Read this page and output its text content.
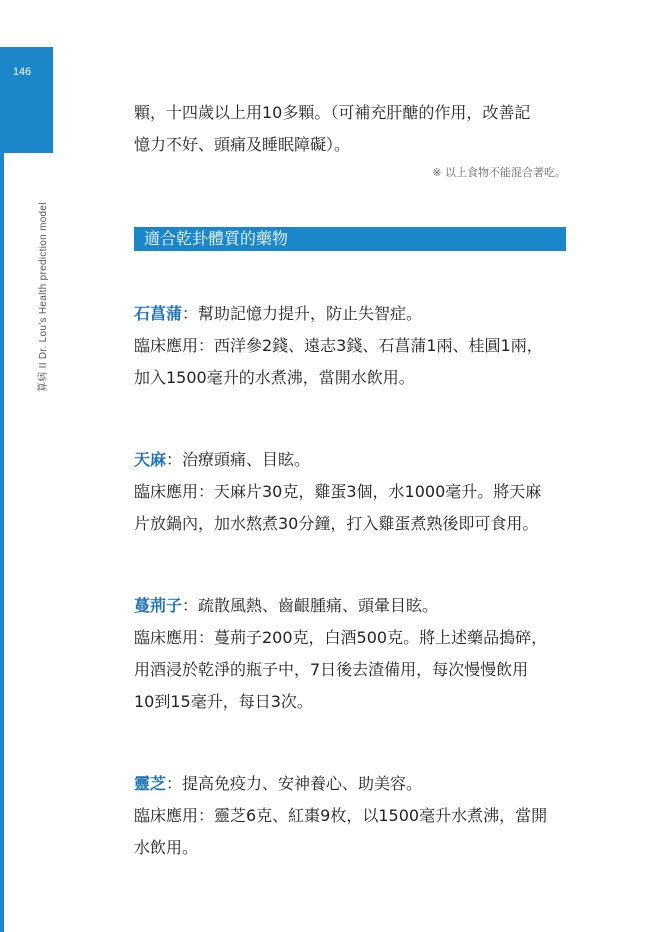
146
算病 II Dr. Lou's Health prediction model
顆，十四歲以上用10多顆。（可補充肝醣的作用，改善記
憶力不好、頭痛及睡眠障礙）。
※ 以上食物不能混合著吃。
適合乾卦體質的藥物
石菖蒲：幫助記憶力提升，防止失智症。
臨床應用：西洋參2錢、遠志3錢、石菖蒲1兩、桂圓1兩，
加入1500毫升的水煮沸，當開水飲用。
天麻：治療頭痛、目眩。
臨床應用：天麻片30克，雞蛋3個，水1000毫升。將天麻
片放鍋內，加水熬煮30分鐘，打入雞蛋煮熟後即可食用。
蔓荊子：疏散風熱、齒齦腫痛、頭暈目眩。
臨床應用：蔓荊子200克，白酒500克。將上述藥品搗碎，
用酒浸於乾淨的瓶子中，7日後去渣備用，每次慢慢飲用
10到15毫升，每日3次。
靈芝：提高免疫力、安神養心、助美容。
臨床應用：靈芝6克、紅棗9枚，以1500毫升水煮沸，當開
水飲用。
